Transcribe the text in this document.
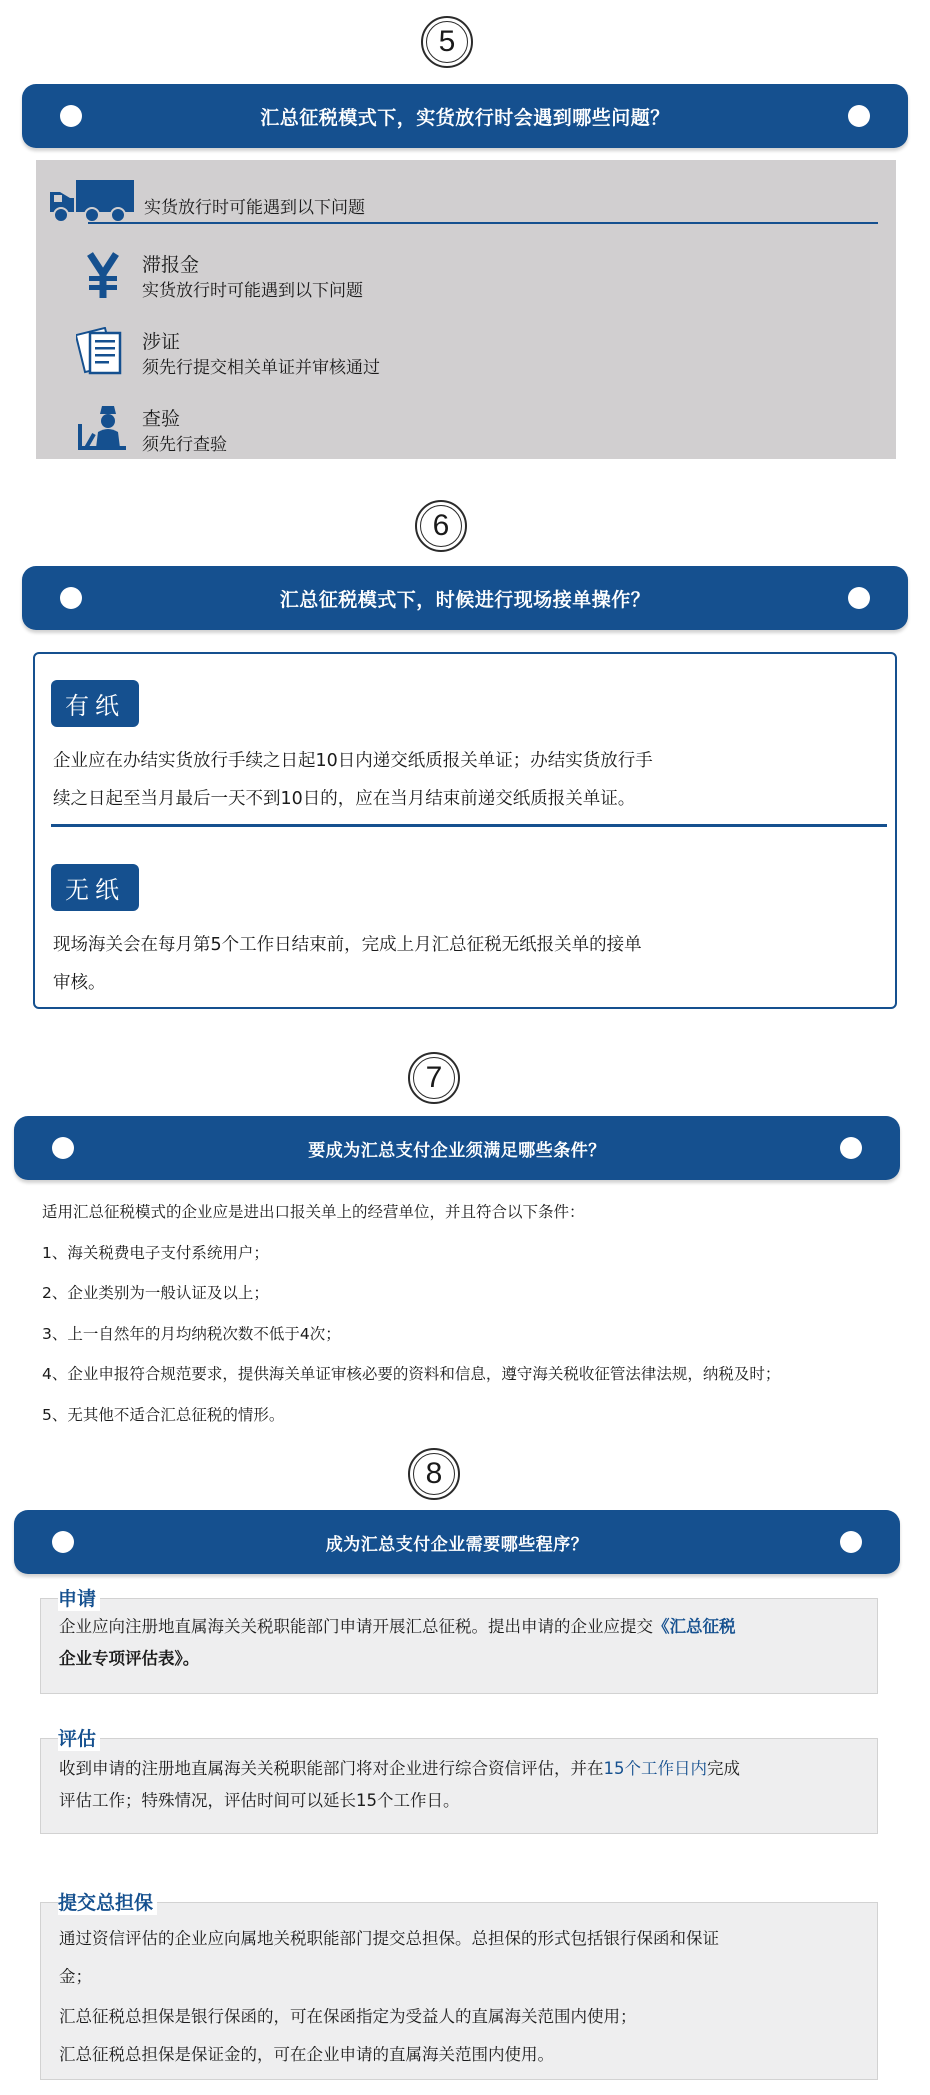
5
汇总征税模式下，实货放行时会遇到哪些问题？
实货放行时可能遇到以下问题
滞报金
实货放行时可能遇到以下问题
涉证
须先行提交相关单证并审核通过
查验
须先行查验
6
汇总征税模式下，时候进行现场接单操作？
有纸
企业应在办结实货放行手续之日起10日内递交纸质报关单证；办结实货放行手
续之日起至当月最后一天不到10日的，应在当月结束前递交纸质报关单证。
无纸
现场海关会在每月第5个工作日结束前，完成上月汇总征税无纸报关单的接单
审核。
7
要成为汇总支付企业须满足哪些条件？
适用汇总征税模式的企业应是进出口报关单上的经营单位，并且符合以下条件：
1、海关税费电子支付系统用户；
2、企业类别为一般认证及以上；
3、上一自然年的月均纳税次数不低于4次；
4、企业申报符合规范要求，提供海关单证审核必要的资料和信息，遵守海关税收征管法律法规，纳税及时；
5、无其他不适合汇总征税的情形。
8
成为汇总支付企业需要哪些程序？
企业应向注册地直属海关关税职能部门申请开展汇总征税。提出申请的企业应提交《汇总征税
企业专项评估表》。
申请
收到申请的注册地直属海关关税职能部门将对企业进行综合资信评估，并在15个工作日内完成
评估工作；特殊情况，评估时间可以延长15个工作日。
评估
通过资信评估的企业应向属地关税职能部门提交总担保。总担保的形式包括银行保函和保证
金；
汇总征税总担保是银行保函的，可在保函指定为受益人的直属海关范围内使用；
汇总征税总担保是保证金的，可在企业申请的直属海关范围内使用。
提交总担保
